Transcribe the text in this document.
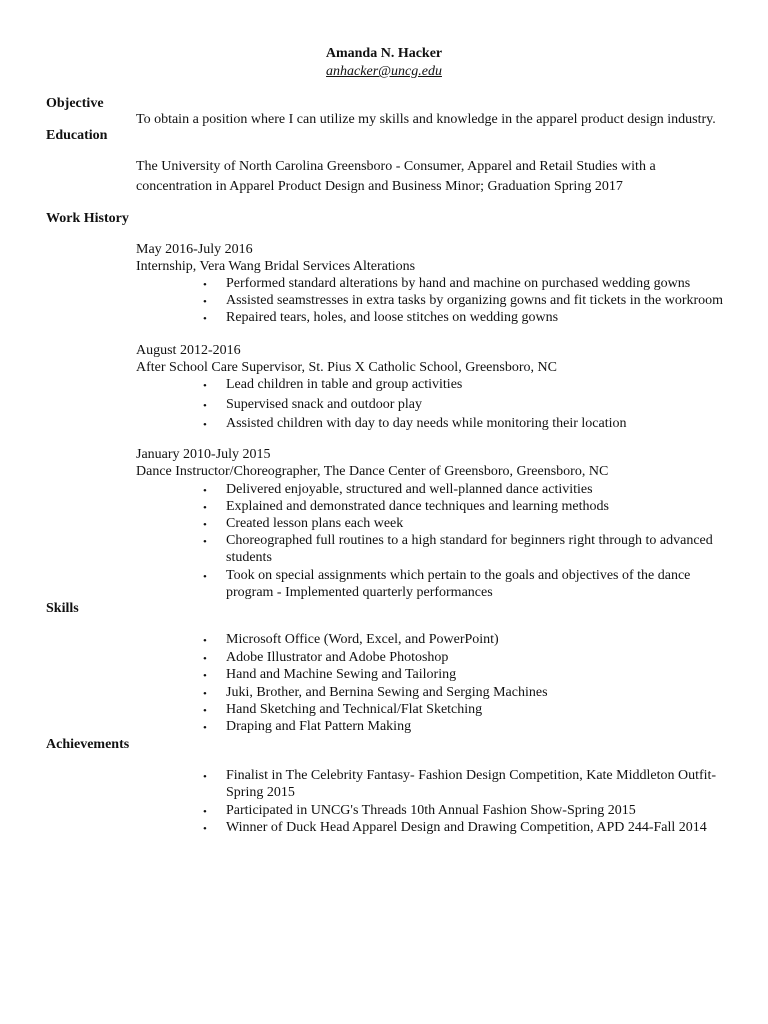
Amanda N. Hacker
anhacker@uncg.edu
Objective
To obtain a position where I can utilize my skills and knowledge in the apparel product design industry.
Education
The University of North Carolina Greensboro - Consumer, Apparel and Retail Studies with a
concentration in Apparel Product Design and Business Minor; Graduation Spring 2017
Work History
May 2016-July 2016
Internship, Vera Wang Bridal Services Alterations
• Performed standard alterations by hand and machine on purchased wedding gowns
• Assisted seamstresses in extra tasks by organizing gowns and fit tickets in the workroom
• Repaired tears, holes, and loose stitches on wedding gowns
August 2012-2016
After School Care Supervisor, St. Pius X Catholic School, Greensboro, NC
• Lead children in table and group activities
• Supervised snack and outdoor play
• Assisted children with day to day needs while monitoring their location
January 2010-July 2015
Dance Instructor/Choreographer, The Dance Center of Greensboro, Greensboro, NC
• Delivered enjoyable, structured and well-planned dance activities
• Explained and demonstrated dance techniques and learning methods
• Created lesson plans each week
• Choreographed full routines to a high standard for beginners right through to advanced
students
• Took on special assignments which pertain to the goals and objectives of the dance
program - Implemented quarterly performances
Skills
• Microsoft Office (Word, Excel, and PowerPoint)
• Adobe Illustrator and Adobe Photoshop
• Hand and Machine Sewing and Tailoring
• Juki, Brother, and Bernina Sewing and Serging Machines
• Hand Sketching and Technical/Flat Sketching
• Draping and Flat Pattern Making
Achievements
• Finalist in The Celebrity Fantasy- Fashion Design Competition, Kate Middleton Outfit-
Spring 2015
• Participated in UNCG's Threads 10th Annual Fashion Show-Spring 2015
• Winner of Duck Head Apparel Design and Drawing Competition, APD 244-Fall 2014
